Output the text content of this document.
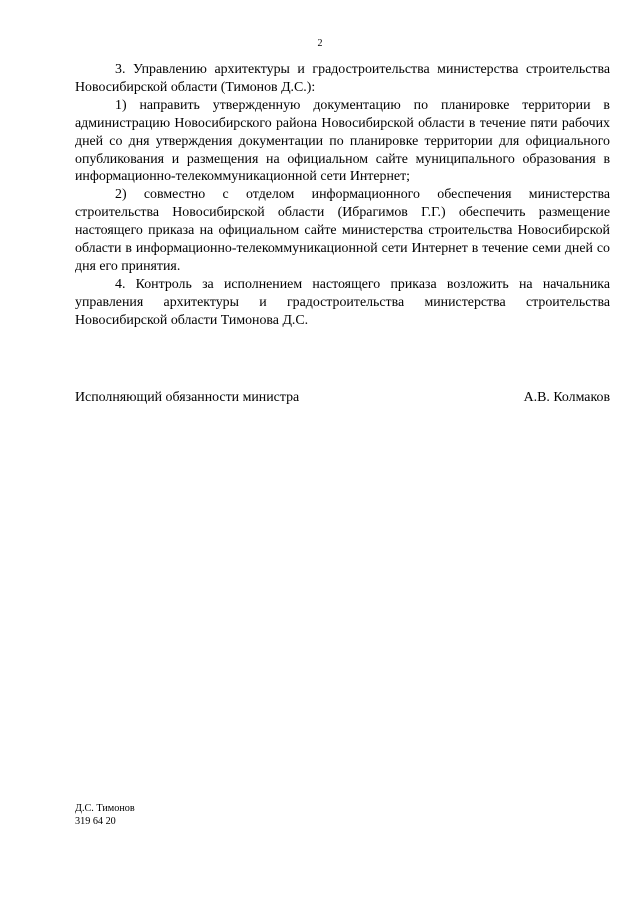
2

3. Управлению архитектуры и градостроительства министерства строительства Новосибирской области (Тимонов Д.С.):

1) направить утвержденную документацию по планировке территории в администрацию Новосибирского района Новосибирской области в течение пяти рабочих дней со дня утверждения документации по планировке территории для официального опубликования и размещения на официальном сайте муниципального образования в информационно-телекоммуникационной сети Интернет;

2) совместно с отделом информационного обеспечения министерства строительства Новосибирской области (Ибрагимов Г.Г.) обеспечить размещение настоящего приказа на официальном сайте министерства строительства Новосибирской области в информационно-телекоммуникационной сети Интернет в течение семи дней со дня его принятия.

4. Контроль за исполнением настоящего приказа возложить на начальника управления архитектуры и градостроительства министерства строительства Новосибирской области Тимонова Д.С.

Исполняющий обязанности министра	А.В. Колмаков
Д.С. Тимонов
319 64 20
